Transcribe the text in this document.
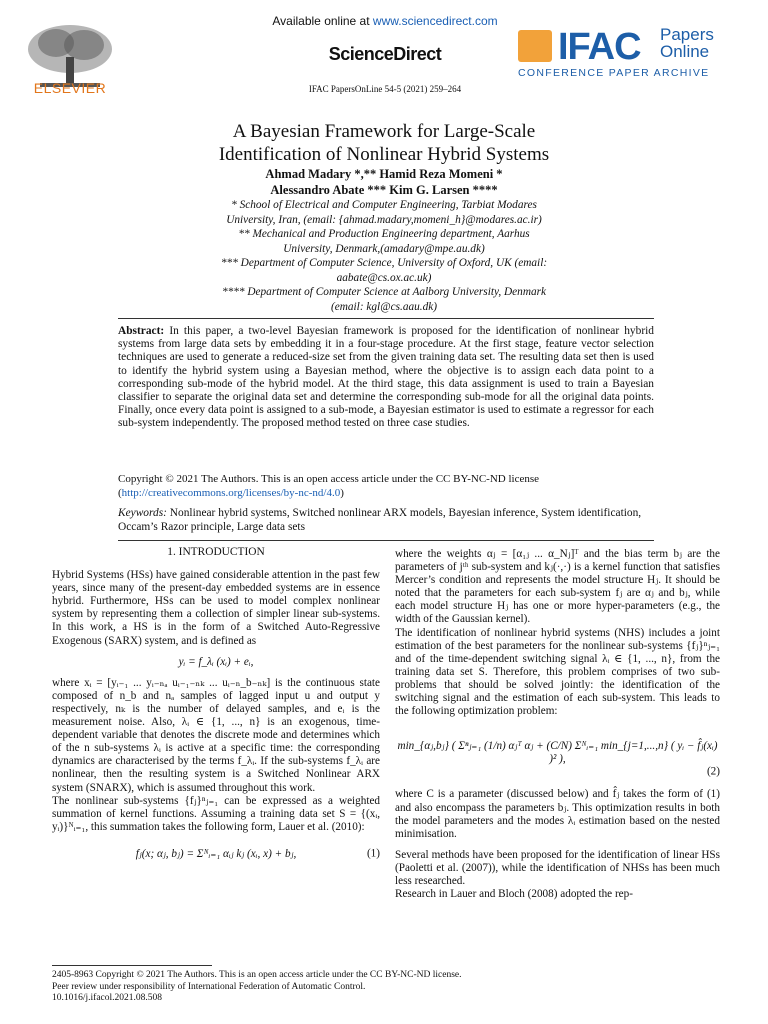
ELSEVIER
Available online at www.sciencedirect.com
ScienceDirect
IFAC PapersOnLine 54-5 (2021) 259–264
IFAC Papers
Online
CONFERENCE PAPER ARCHIVE
A Bayesian Framework for Large-Scale
Identification of Nonlinear Hybrid Systems
Ahmad Madary *,** Hamid Reza Momeni *
Alessandro Abate *** Kim G. Larsen ****

* School of Electrical and Computer Engineering, Tarbiat Modares

University, Iran, (email: {ahmad.madary,momeni_h}@modares.ac.ir)

** Mechanical and Production Engineering department, Aarhus

University, Denmark,(amadary@mpe.au.dk)

*** Department of Computer Science, University of Oxford, UK (email:

aabate@cs.ox.ac.uk)

**** Department of Computer Science at Aalborg University, Denmark

(email: kgl@cs.aau.dk)

Abstract: In this paper, a two-level Bayesian framework is proposed for the identification of nonlinear hybrid systems from large data sets by embedding it in a four-stage procedure. At the first stage, feature vector selection techniques are used to generate a reduced-size set from the given training data set. The resulting data set then is used to identify the hybrid system using a Bayesian method, where the objective is to assign each data point to a corresponding sub-mode of the hybrid model. At the third stage, this data assignment is used to train a Bayesian classifier to separate the original data set and determine the corresponding sub-mode for all the original data points. Finally, once every data point is assigned to a sub-mode, a Bayesian estimator is used to estimate a regressor for each sub-system independently. The proposed method tested on three case studies.
Copyright © 2021 The Authors. This is an open access article under the CC BY-NC-ND license
(http://creativecommons.org/licenses/by-nc-nd/4.0)
Keywords: Nonlinear hybrid systems, Switched nonlinear ARX models, Bayesian inference, System identification, Occam’s Razor principle, Large data sets
1. INTRODUCTION

Hybrid Systems (HSs) have gained considerable attention in the past few years, since many of the present-day embedded systems are in essence hybrid. Furthermore, HSs can be used to model complex nonlinear system by representing them a collection of simpler linear sub-systems. In this work, a HS is in the form of a Switched Auto-Regressive Exogenous (SARX) system, and is defined as

yᵢ = f_λᵢ (xᵢ) + eᵢ,

where xᵢ = [yᵢ₋₁ ... yᵢ₋ₙₐ uᵢ₋₁₋ₙₖ ... uᵢ₋ₙ_b₋ₙₖ] is the continuous state composed of n_b and nₐ samples of lagged input u and output y respectively, nₖ is the number of delayed samples, and eᵢ is the measurement noise. Also, λᵢ ∈ {1, ..., n} is an exogenous, time-dependent variable that denotes the discrete mode and determines which of the n sub-systems λᵢ is active at a specific time: the corresponding dynamics are characterised by the terms f_λᵢ. If the sub-systems f_λᵢ are nonlinear, then the resulting system is a Switched Nonlinear ARX system (SNARX), which is assumed throughout this work.

The nonlinear sub-systems {fⱼ}ⁿⱼ₌₁ can be expressed as a weighted summation of kernel functions. Assuming a training data set S = {(xᵢ, yᵢ)}ᴺᵢ₌₁, this summation takes the following form, Lauer et al. (2010):

fⱼ(x; αⱼ, bⱼ) = Σᴺᵢ₌₁ αᵢⱼ kⱼ (xᵢ, x) + bⱼ,	(1)

where the weights αⱼ = [α₁ⱼ ... α_Nⱼ]ᵀ and the bias term bⱼ are the parameters of jᵗʰ sub-system and kⱼ(·,·) is a kernel function that satisfies Mercer’s condition and represents the model structure Hⱼ. It should be noted that the parameters for each sub-system fⱼ are αⱼ and bⱼ, while each model structure Hⱼ has one or more hyper-parameters (e.g., the width of the Gaussian kernel).

The identification of nonlinear hybrid systems (NHS) includes a joint estimation of the best parameters for the nonlinear sub-systems {fⱼ}ⁿⱼ₌₁ and of the time-dependent switching signal λᵢ ∈ {1, ..., n}, from the training data set S. Therefore, this problem comprises of two sub-problems that should be solved jointly: the identification of the switching signal and the estimation of each sub-system. This leads to the following optimization problem:

min_{αⱼ,bⱼ} ( Σⁿⱼ₌₁ (1/n) αⱼᵀ αⱼ + (C/N) Σᴺᵢ₌₁ min_{j=1,...,n} ( yᵢ − f̂ⱼ(xᵢ) )² ),
(2)

where C is a parameter (discussed below) and f̂ⱼ takes the form of (1) and also encompass the parameters bⱼ. This optimization results in both the model parameters and the modes λᵢ estimation based on the nested minimisation.

Several methods have been proposed for the identification of linear HSs (Paoletti et al. (2007)), while the identification of NHSs has been much less researched.

Research in Lauer and Bloch (2008) adopted the rep-

2405-8963 Copyright © 2021 The Authors. This is an open access article under the CC BY-NC-ND license.

Peer review under responsibility of International Federation of Automatic Control.

10.1016/j.ifacol.2021.08.508
